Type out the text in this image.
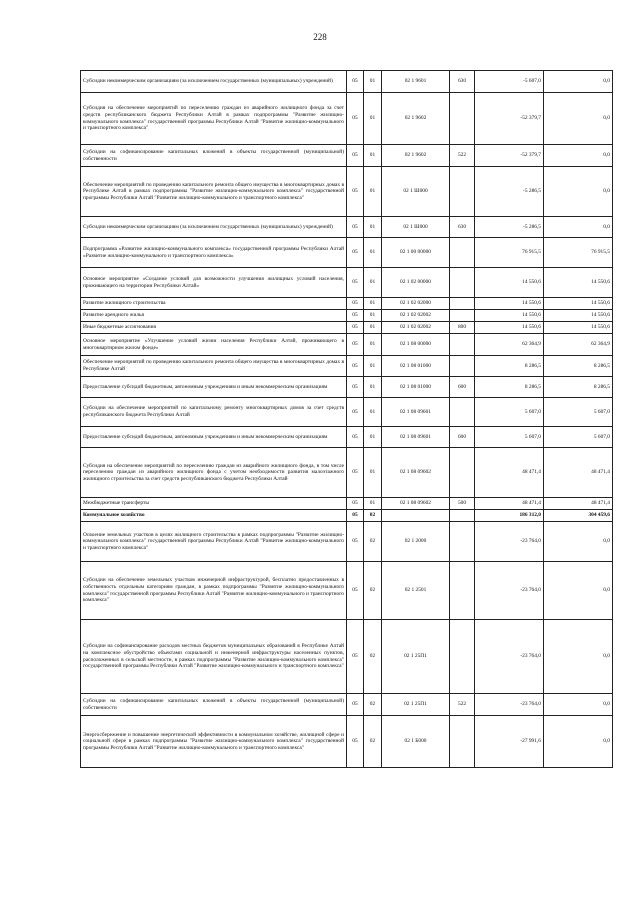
228
Субсидии некоммерческим организациям (за исключением государственных (муниципальных) учреждений)	05	01	02 1 9601	630	-5 607,0	0,0
Субсидия на обеспечение мероприятий по переселению граждан из аварийного жилищного фонда за счет средств республиканского бюджета Республики Алтай в рамках подпрограммы "Развитие жилищно-коммунального комплекса" государственной программы Республики Алтай "Развитие жилищно-коммунального и транспортного комплекса"	05	01	02 1 9602		-52 379,7	0,0
Субсидии на софинансирование капитальных вложений в объекты государственной (муниципальной) собственности	05	01	02 1 9602	522	-52 379,7	0,0
Обеспечение мероприятий по проведению капитального ремонта общего имущества в многоквартирных домах в Республике Алтай в рамках подпрограммы "Развитие жилищно-коммунального комплекса" государственной программы Республики Алтай "Развитие жилищно-коммунального и транспортного комплекса"	05	01	02 1 Ш000		-5 286,5	0,0
Субсидии некоммерческим организациям (за исключением государственных (муниципальных) учреждений)	05	01	02 1 Ш000	630	-5 286,5	0,0
Подпрограмма «Развитие жилищно-коммунального комплекса» государственной программы Республики Алтай «Развитие жилищно-коммунального и транспортного комплекса»	05	01	02 1 00 00000		76 915,5	76 915,5
Основное мероприятие «Создание условий для возможности улучшения жилищных условий населения, проживающего на территории Республики Алтай»	05	01	02 1 02 00000		14 550,6	14 550,6
Развитие жилищного строительства	05	01	02 1 02 02000		14 550,6	14 550,6
Развитие арендного жилья	05	01	02 1 02 02002		14 550,6	14 550,6
Иные бюджетные ассигнования	05	01	02 1 02 02002	800	14 550,6	14 550,6
Основное мероприятие «Улучшение условий жизни населения Республики Алтай, проживающего в многоквартирном жилом фонде»	05	01	02 1 08 00000		62 364,9	62 364,9
Обеспечение мероприятий по проведению капитального ремонта общего имущества в многоквартирных домах в Республике Алтай	05	01	02 1 08 01000		8 286,5	8 286,5
Предоставление субсидий бюджетным, автономным учреждениям и иным некоммерческим организациям	05	01	02 1 08 01000	600	8 286,5	8 286,5
Субсидии на обеспечение мероприятий по капитальному ремонту многоквартирных домов за счет средств республиканского бюджета Республики Алтай	05	01	02 1 08 09601		5 607,0	5 607,0
Предоставление субсидий бюджетным, автономным учреждениям и иным некоммерческим организациям	05	01	02 1 08 09601	600	5 607,0	5 607,0
Субсидия на обеспечение мероприятий по переселению граждан из аварийного жилищного фонда, в том числе переселению граждан из аварийного жилищного фонда с учетом необходимости развития малоэтажного жилищного строительства за счет средств республиканского бюджета Республики Алтай	05	01	02 1 08 09602		48 471,4	48 471,4
Межбюджетные трансферты	05	01	02 1 08 09602	500	48 471,4	48 471,4
Коммунальное хозяйство	05	02			186 312,0	304 459,6
Освоение земельных участков в целях жилищного строительства в рамках подпрограммы "Развитие жилищно-коммунального комплекса" государственной программы Республики Алтай "Развитие жилищно-коммунального и транспортного комплекса"	05	02	02 1 2000		-23 764,0	0,0
Субсидии на обеспечение земельных участков инженерной инфраструктурой, бесплатно предоставленных в собственность отдельным категориям граждан, в рамках подпрограммы "Развитие жилищно-коммунального комплекса" государственной программы Республики Алтай "Развитие жилищно-коммунального и транспортного комплекса"	05	02	02 1 2501		-23 764,0	0,0
Субсидии на софинансирование расходов местных бюджетов муниципальных образований в Республике Алтай на комплексное обустройство объектами социальной и инженерной инфраструктуры населенных пунктов, расположенных в сельской местности, в рамках подпрограммы "Развитие жилищно-коммунального комплекса" государственной программы Республики Алтай "Развитие жилищно-коммунального и транспортного комплекса"	05	02	02 1 25П1		-23 764,0	0,0
Субсидии на софинансирование капитальных вложений в объекты государственной (муниципальной) собственности	05	02	02 1 25П1	522	-23 764,0	0,0
Энергосбережение и повышение энергетической эффективности в коммунальном хозяйстве, жилищной сфере и социальной сфере в рамках подпрограммы "Развитие жилищно-коммунального комплекса" государственной программы Республики Алтай "Развитие жилищно-коммунального и транспортного комплекса"	05	02	02 1 Б000		-27 991,6	0,0
